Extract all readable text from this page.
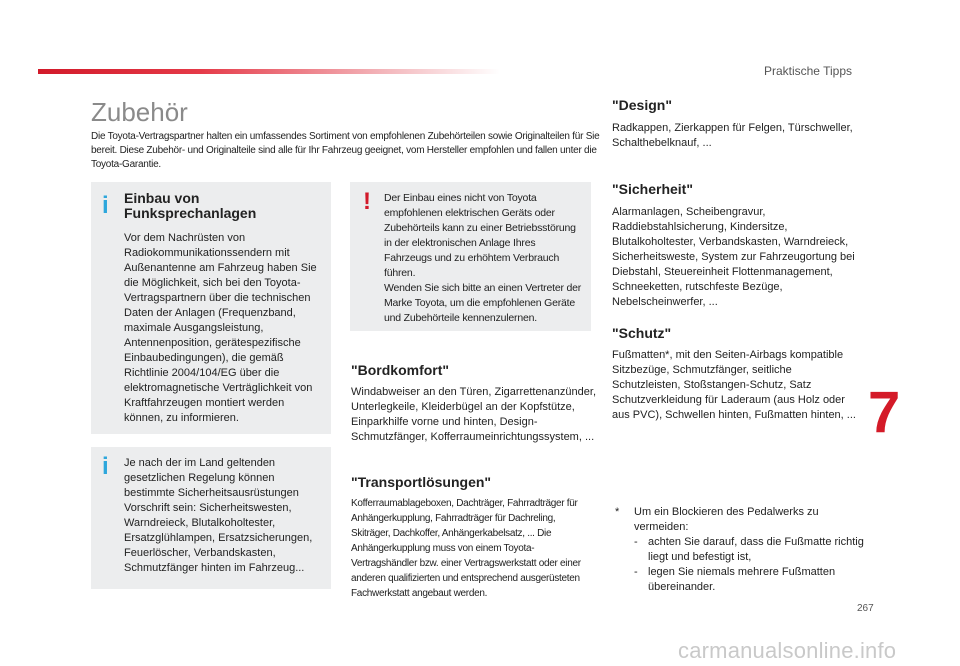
Praktische Tipps
Zubehör

Die Toyota-Vertragspartner halten ein umfassendes Sortiment von empfohlenen Zubehörteilen sowie Originalteilen für Sie bereit. Diese Zubehör- und Originalteile sind alle für Ihr Fahrzeug geeignet, vom Hersteller empfohlen und fallen unter die Toyota-Garantie.

i Einbau von Funksprechanlagen

Vor dem Nachrüsten von Radiokommunikationssendern mit Außenantenne am Fahrzeug haben Sie die Möglichkeit, sich bei den Toyota-Vertragspartnern über die technischen Daten der Anlagen (Frequenzband, maximale Ausgangsleistung, Antennenposition, gerätespezifische Einbaubedingungen), die gemäß Richtlinie 2004/104/EG über die elektromagnetische Verträglichkeit von Kraftfahrzeugen montiert werden können, zu informieren.

i Je nach der im Land geltenden gesetzlichen Regelung können bestimmte Sicherheitsausrüstungen Vorschrift sein: Sicherheitswesten, Warndreieck, Blutalkoholtester, Ersatzglühlampen, Ersatzsicherungen, Feuerlöscher, Verbandskasten, Schmutzfänger hinten im Fahrzeug...

! Der Einbau eines nicht von Toyota empfohlenen elektrischen Geräts oder Zubehörteils kann zu einer Betriebsstörung in der elektronischen Anlage Ihres Fahrzeugs und zu erhöhtem Verbrauch führen.

Wenden Sie sich bitte an einen Vertreter der Marke Toyota, um die empfohlenen Geräte und Zubehörteile kennenzulernen.

"Bordkomfort"

Windabweiser an den Türen, Zigarrettenanzünder, Unterlegkeile, Kleiderbügel an der Kopfstütze, Einparkhilfe vorne und hinten, Design-Schmutzfänger, Kofferraumeinrichtungssystem, ...

"Transportlösungen"

Kofferraumablageboxen, Dachträger, Fahrradträger für Anhängerkupplung, Fahrradträger für Dachreling, Skiträger, Dachkoffer, Anhängerkabelsatz, ... Die Anhängerkupplung muss von einem Toyota-Vertragshändler bzw. einer Vertragswerkstatt oder einer anderen qualifizierten und entsprechend ausgerüsteten Fachwerkstatt angebaut werden.

"Design"

Radkappen, Zierkappen für Felgen, Türschweller, Schalthebelknauf, ...

"Sicherheit"

Alarmanlagen, Scheibengravur, Raddiebstahlsicherung, Kindersitze, Blutalkoholtester, Verbandskasten, Warndreieck, Sicherheitsweste, System zur Fahrzeugortung bei Diebstahl, Steuereinheit Flottenmanagement, Schneeketten, rutschfeste Bezüge, Nebelscheinwerfer, ...

"Schutz"

Fußmatten*, mit den Seiten-Airbags kompatible Sitzbezüge, Schmutzfänger, seitliche Schutzleisten, Stoßstangen-Schutz, Satz Schutzverkleidung für Laderaum (aus Holz oder aus PVC), Schwellen hinten, Fußmatten hinten, ... 7
* Um ein Blockieren des Pedalwerks zu vermeiden:
- achten Sie darauf, dass die Fußmatte richtig liegt und befestigt ist,
- legen Sie niemals mehrere Fußmatten übereinander.
267
carmanualsonline.info
